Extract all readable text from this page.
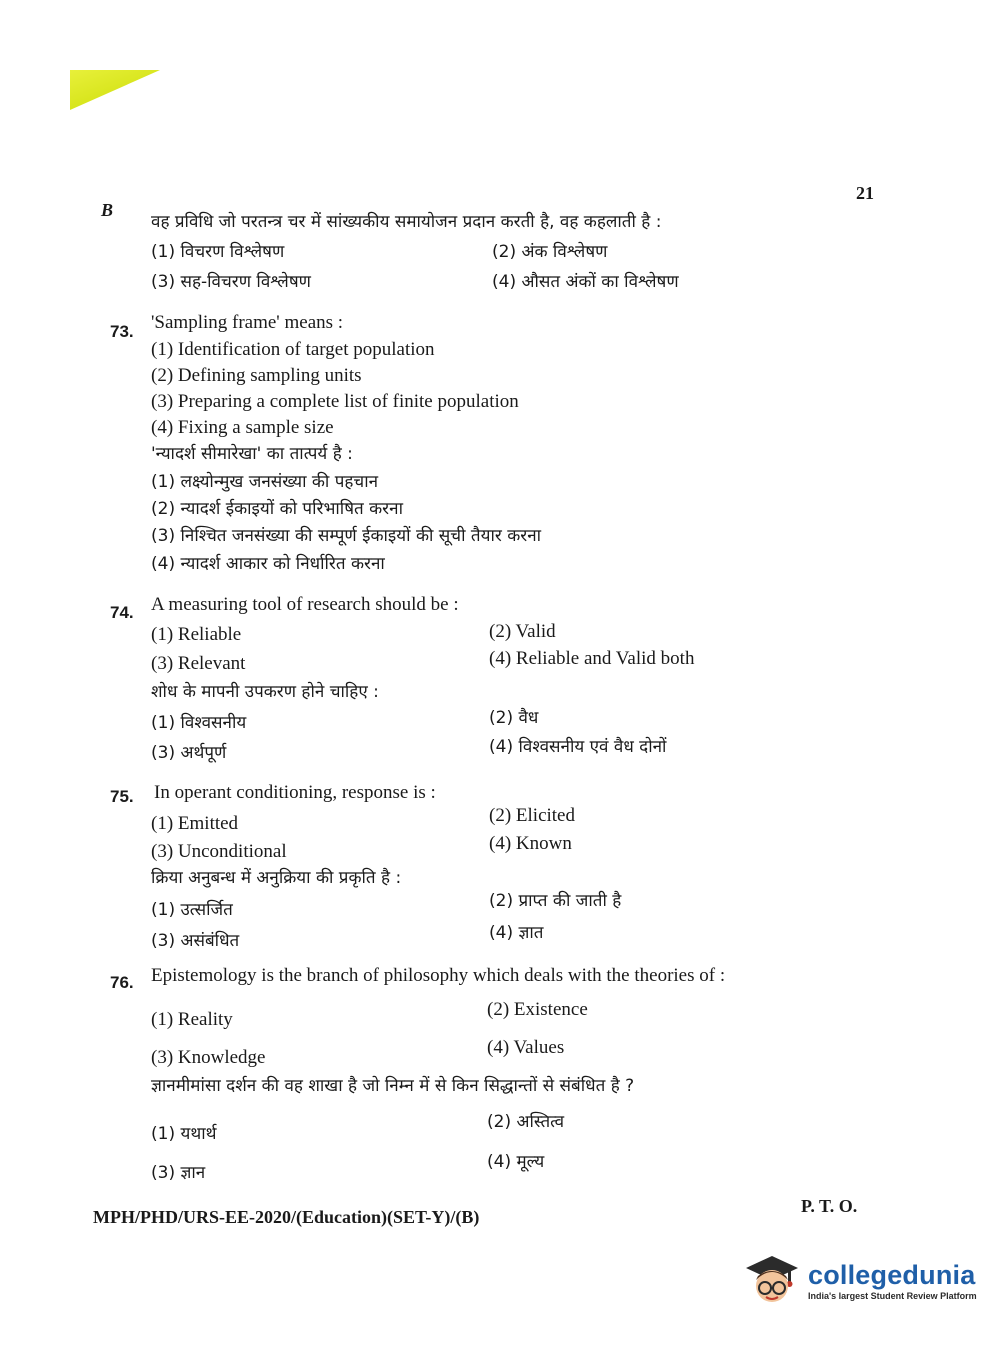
B
21
वह प्रविधि जो परतन्त्र चर में सांख्यकीय समायोजन प्रदान करती है, वह कहलाती है :
(1) विचरण विश्लेषण	(2) अंक विश्लेषण
(3) सह-विचरण विश्लेषण	(4) औसत अंकों का विश्लेषण
73. 'Sampling frame' means :
(1) Identification of target population
(2) Defining sampling units
(3) Preparing a complete list of finite population
(4) Fixing a sample size
'न्यादर्श सीमारेखा' का तात्पर्य है :
(1) लक्ष्योन्मुख जनसंख्या की पहचान
(2) न्यादर्श ईकाइयों को परिभाषित करना
(3) निश्चित जनसंख्या की सम्पूर्ण ईकाइयों की सूची तैयार करना
(4) न्यादर्श आकार को निर्धारित करना
74. A measuring tool of research should be :
(1) Reliable	(2) Valid
(3) Relevant	(4) Reliable and Valid both
शोध के मापनी उपकरण होने चाहिए :
(1) विश्वसनीय	(2) वैध
(3) अर्थपूर्ण	(4) विश्वसनीय एवं वैध दोनों
75. In operant conditioning, response is :
(1) Emitted	(2) Elicited
(3) Unconditional	(4) Known
क्रिया अनुबन्ध में अनुक्रिया की प्रकृति है :
(1) उत्सर्जित	(2) प्राप्त की जाती है
(3) असंबंधित	(4) ज्ञात
76. Epistemology is the branch of philosophy which deals with the theories of :
(1) Reality	(2) Existence
(3) Knowledge	(4) Values
ज्ञानमीमांसा दर्शन की वह शाखा है जो निम्न में से किन सिद्धान्तों से संबंधित है ?
(1) यथार्थ
(2) अस्तित्व
(3) ज्ञान
(4) मूल्य
MPH/PHD/URS-EE-2020/(Education)(SET-Y)/(B)
P. T. O.
collegedunia
India's largest Student Review Platform
